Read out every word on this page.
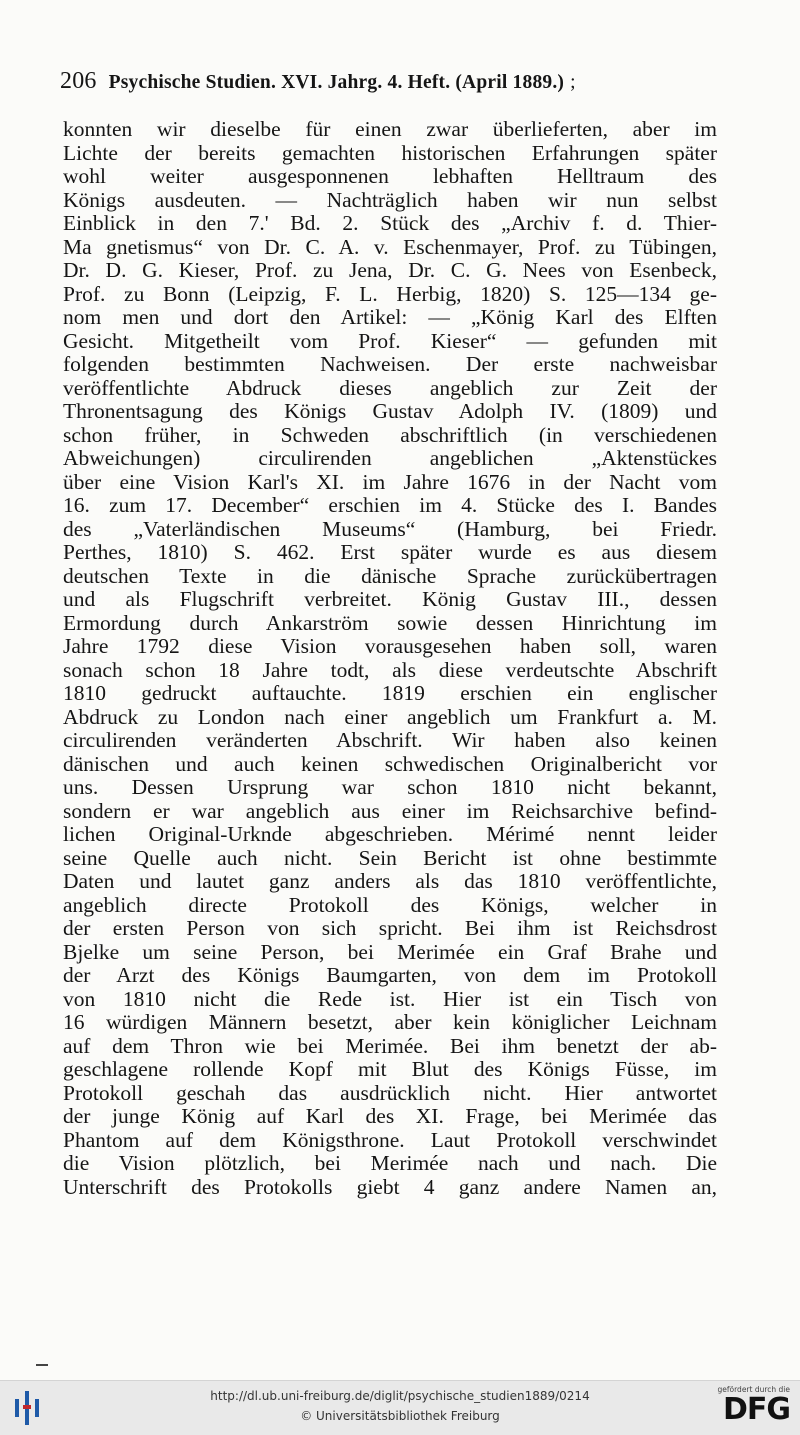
206 Psychische Studien. XVI. Jahrg. 4. Heft. (April 1889.) ;
konnten wir dieselbe für einen zwar überlieferten, aber im
Lichte der bereits gemachten historischen Erfahrungen später
wohl weiter ausgesponnenen lebhaften Helltraum des
Königs ausdeuten. — Nachträglich haben wir nun selbst
Einblick in den 7.' Bd. 2. Stück des „Archiv f. d. Thier-
Ma gnetismus“ von Dr. C. A. v. Eschenmayer, Prof. zu Tübingen,
Dr. D. G. Kieser, Prof. zu Jena, Dr. C. G. Nees von Esenbeck,
Prof. zu Bonn (Leipzig, F. L. Herbig, 1820) S. 125—134 ge-
nom men und dort den Artikel: — „König Karl des Elften
Gesicht. Mitgetheilt vom Prof. Kieser“ — gefunden mit
folgenden bestimmten Nachweisen. Der erste nachweisbar
veröffentlichte Abdruck dieses angeblich zur Zeit der
Thronentsagung des Königs Gustav Adolph IV. (1809) und
schon früher, in Schweden abschriftlich (in verschiedenen
Abweichungen) circulirenden angeblichen „Aktenstückes
über eine Vision Karl's XI. im Jahre 1676 in der Nacht vom
16. zum 17. December“ erschien im 4. Stücke des I. Bandes
des „Vaterländischen Museums“ (Hamburg, bei Friedr.
Perthes, 1810) S. 462. Erst später wurde es aus diesem
deutschen Texte in die dänische Sprache zurückübertragen
und als Flugschrift verbreitet. König Gustav III., dessen
Ermordung durch Ankarström sowie dessen Hinrichtung im
Jahre 1792 diese Vision vorausgesehen haben soll, waren
sonach schon 18 Jahre todt, als diese verdeutschte Abschrift
1810 gedruckt auftauchte. 1819 erschien ein englischer
Abdruck zu London nach einer angeblich um Frankfurt a. M.
circulirenden veränderten Abschrift. Wir haben also keinen
dänischen und auch keinen schwedischen Originalbericht vor
uns. Dessen Ursprung war schon 1810 nicht bekannt,
sondern er war angeblich aus einer im Reichsarchive befind-
lichen Original-Urknde abgeschrieben. Mérimé nennt leider
seine Quelle auch nicht. Sein Bericht ist ohne bestimmte
Daten und lautet ganz anders als das 1810 veröffentlichte,
angeblich directe Protokoll des Königs, welcher in
der ersten Person von sich spricht. Bei ihm ist Reichsdrost
Bjelke um seine Person, bei Merimée ein Graf Brahe und
der Arzt des Königs Baumgarten, von dem im Protokoll
von 1810 nicht die Rede ist. Hier ist ein Tisch von
16 würdigen Männern besetzt, aber kein königlicher Leichnam
auf dem Thron wie bei Merimée. Bei ihm benetzt der ab-
geschlagene rollende Kopf mit Blut des Königs Füsse, im
Protokoll geschah das ausdrücklich nicht. Hier antwortet
der junge König auf Karl des XI. Frage, bei Merimée das
Phantom auf dem Königsthrone. Laut Protokoll verschwindet
die Vision plötzlich, bei Merimée nach und nach. Die
Unterschrift des Protokolls giebt 4 ganz andere Namen an,
http://dl.ub.uni-freiburg.de/diglit/psychische_studien1889/0214
© Universitätsbibliothek Freiburg
gefördert durch die
DFG
